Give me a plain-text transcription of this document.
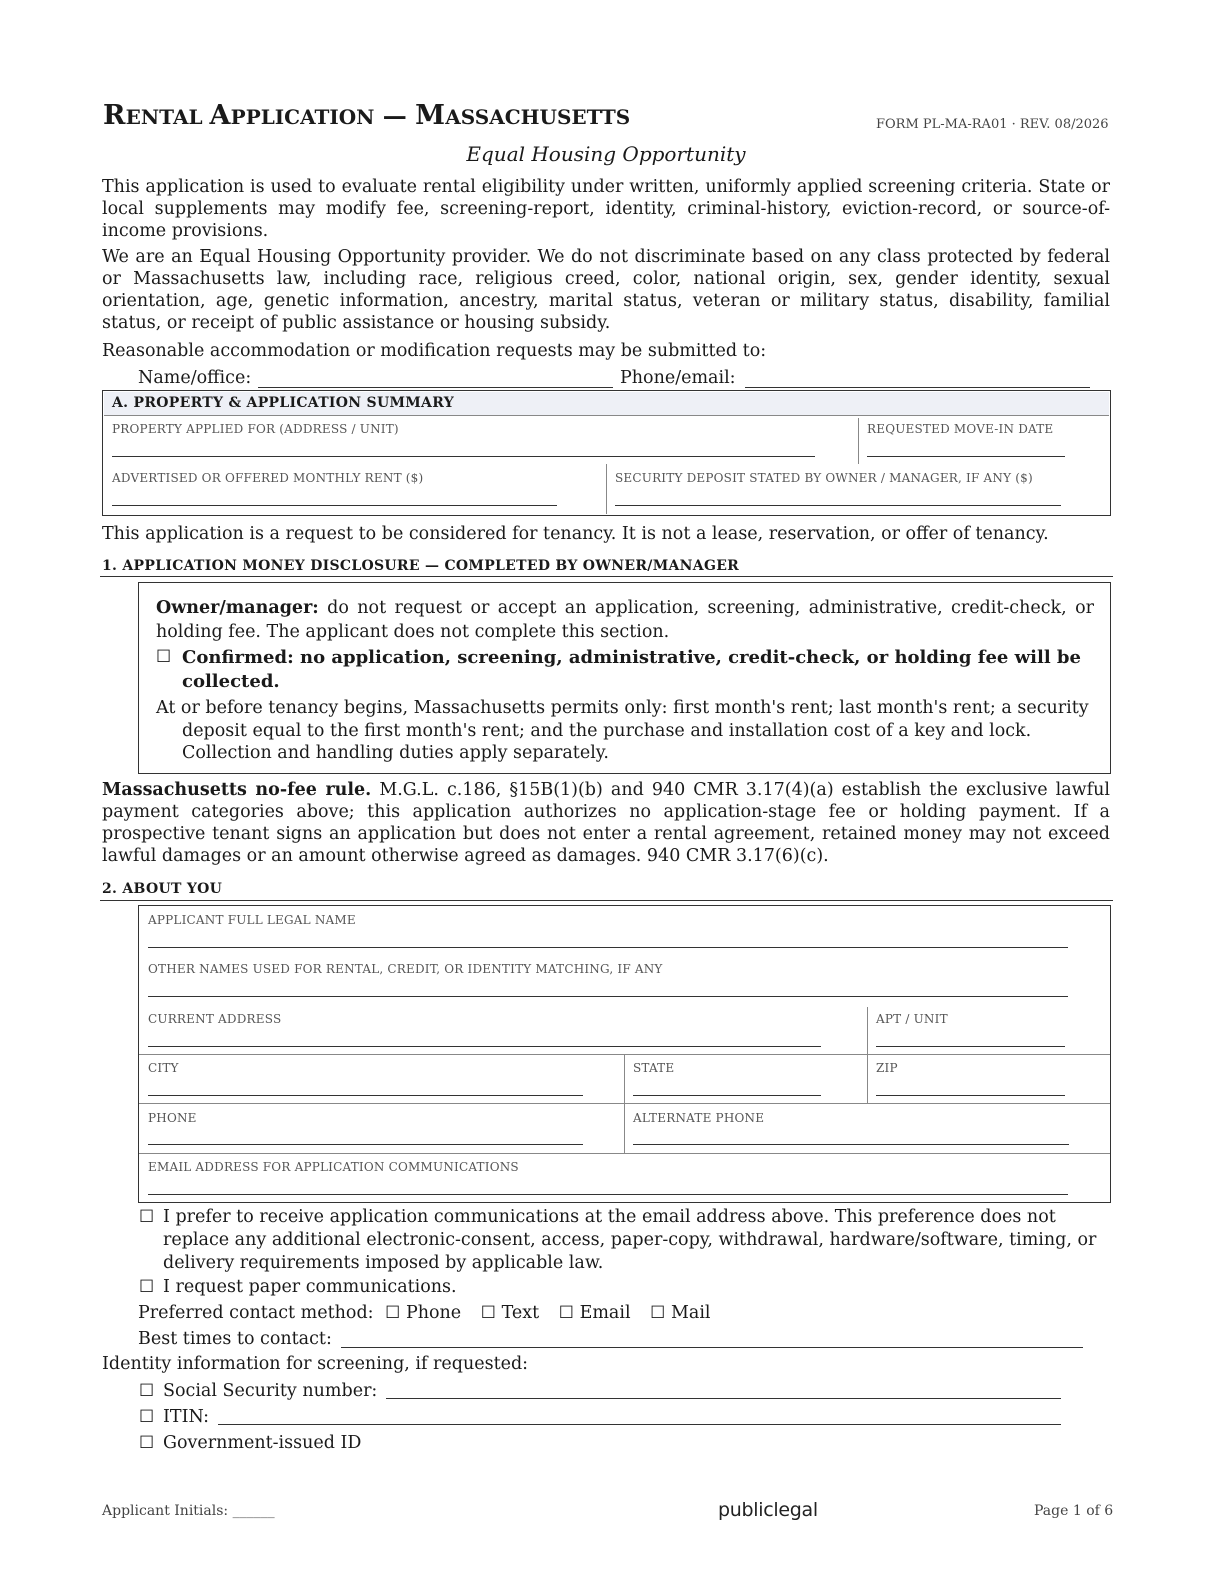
RENTAL APPLICATION — MASSACHUSETTS	FORM PL-MA-RA01 · REV. 08/2026
Equal Housing Opportunity
This application is used to evaluate rental eligibility under written, uniformly applied screening criteria. State or local supplements may modify fee, screening-report, identity, criminal-history, eviction-record, or source-of-income provisions.
We are an Equal Housing Opportunity provider. We do not discriminate based on any class protected by federal or Massachusetts law, including race, religious creed, color, national origin, sex, gender identity, sexual orientation, age, genetic information, ancestry, marital status, veteran or military status, disability, familial status, or receipt of public assistance or housing subsidy.
Reasonable accommodation or modification requests may be submitted to:
Name/office:	Phone/email:
A. PROPERTY & APPLICATION SUMMARY
PROPERTY APPLIED FOR (ADDRESS / UNIT)	REQUESTED MOVE-IN DATE
ADVERTISED OR OFFERED MONTHLY RENT ($)	SECURITY DEPOSIT STATED BY OWNER / MANAGER, IF ANY ($)
This application is a request to be considered for tenancy. It is not a lease, reservation, or offer of tenancy.
1. APPLICATION MONEY DISCLOSURE — COMPLETED BY OWNER/MANAGER
Owner/manager: do not request or accept an application, screening, administrative, credit-check, or holding fee. The applicant does not complete this section.
☐ Confirmed: no application, screening, administrative, credit-check, or holding fee will be collected.
At or before tenancy begins, Massachusetts permits only: first month's rent; last month's rent; a security deposit equal to the first month's rent; and the purchase and installation cost of a key and lock. Collection and handling duties apply separately.
Massachusetts no-fee rule. M.G.L. c.186, §15B(1)(b) and 940 CMR 3.17(4)(a) establish the exclusive lawful payment categories above; this application authorizes no application-stage fee or holding payment. If a prospective tenant signs an application but does not enter a rental agreement, retained money may not exceed lawful damages or an amount otherwise agreed as damages. 940 CMR 3.17(6)(c).
2. ABOUT YOU
APPLICANT FULL LEGAL NAME
OTHER NAMES USED FOR RENTAL, CREDIT, OR IDENTITY MATCHING, IF ANY
CURRENT ADDRESS	APT / UNIT
CITY	STATE	ZIP
PHONE	ALTERNATE PHONE
EMAIL ADDRESS FOR APPLICATION COMMUNICATIONS
☐ I prefer to receive application communications at the email address above. This preference does not replace any additional electronic-consent, access, paper-copy, withdrawal, hardware/software, timing, or delivery requirements imposed by applicable law.
☐ I request paper communications.
Preferred contact method: ☐ Phone ☐ Text ☐ Email ☐ Mail
Best times to contact:
Identity information for screening, if requested:
☐ Social Security number:
☐ ITIN:
☐ Government-issued ID
Applicant Initials: ______	publiclegal	Page 1 of 6
